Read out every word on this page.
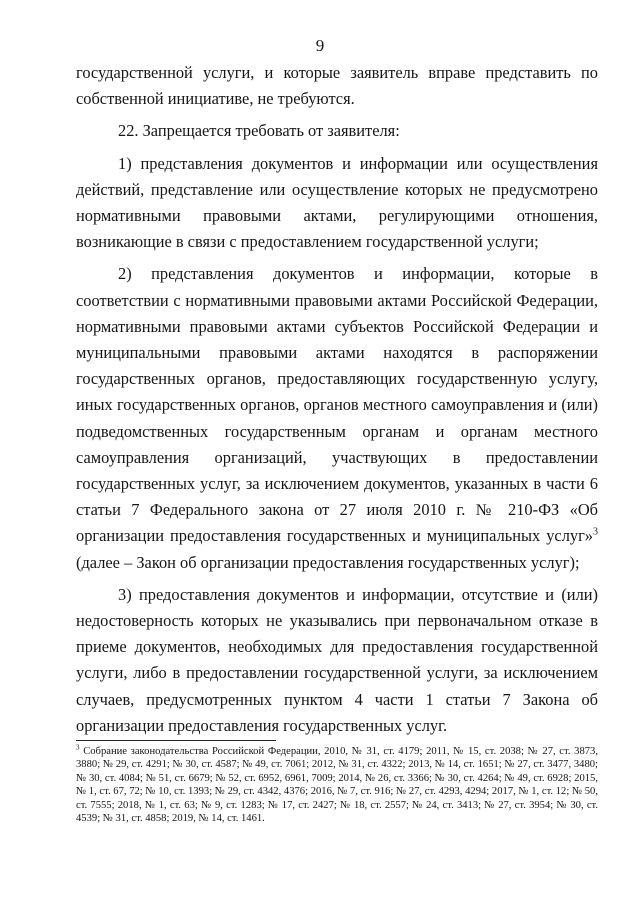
9

государственной услуги, и которые заявитель вправе представить по собственной инициативе, не требуются.

22. Запрещается требовать от заявителя:

1) представления документов и информации или осуществления действий, представление или осуществление которых не предусмотрено нормативными правовыми актами, регулирующими отношения, возникающие в связи с предоставлением государственной услуги;

2) представления документов и информации, которые в соответствии с нормативными правовыми актами Российской Федерации, нормативными правовыми актами субъектов Российской Федерации и муниципальными правовыми актами находятся в распоряжении государственных органов, предоставляющих государственную услугу, иных государственных органов, органов местного самоуправления и (или) подведомственных государственным органам и органам местного самоуправления организаций, участвующих в предоставлении государственных услуг, за исключением документов, указанных в части 6 статьи 7 Федерального закона от 27 июля 2010 г. № 210-ФЗ «Об организации предоставления государственных и муниципальных услуг»$^3$ (далее – Закон об организации предоставления государственных услуг);

3) предоставления документов и информации, отсутствие и (или) недостоверность которых не указывались при первоначальном отказе в приеме документов, необходимых для предоставления государственной услуги, либо в предоставлении государственной услуги, за исключением случаев, предусмотренных пунктом 4 части 1 статьи 7 Закона об организации предоставления государственных услуг.

$^3$ Собрание законодательства Российской Федерации, 2010, № 31, ст. 4179; 2011, № 15, ст. 2038; № 27, ст. 3873, 3880; № 29, ст. 4291; № 30, ст. 4587; № 49, ст. 7061; 2012, № 31, ст. 4322; 2013, № 14, ст. 1651; № 27, ст. 3477, 3480; № 30, ст. 4084; № 51, ст. 6679; № 52, ст. 6952, 6961, 7009; 2014, № 26, ст. 3366; № 30, ст. 4264; № 49, ст. 6928; 2015, № 1, ст. 67, 72; № 10, ст. 1393; № 29, ст. 4342, 4376; 2016, № 7, ст. 916; № 27, ст. 4293, 4294; 2017, № 1, ст. 12; № 50, ст. 7555; 2018, № 1, ст. 63; № 9, ст. 1283; № 17, ст. 2427; № 18, ст. 2557; № 24, ст. 3413; № 27, ст. 3954; № 30, ст. 4539; № 31, ст. 4858; 2019, № 14, ст. 1461.
